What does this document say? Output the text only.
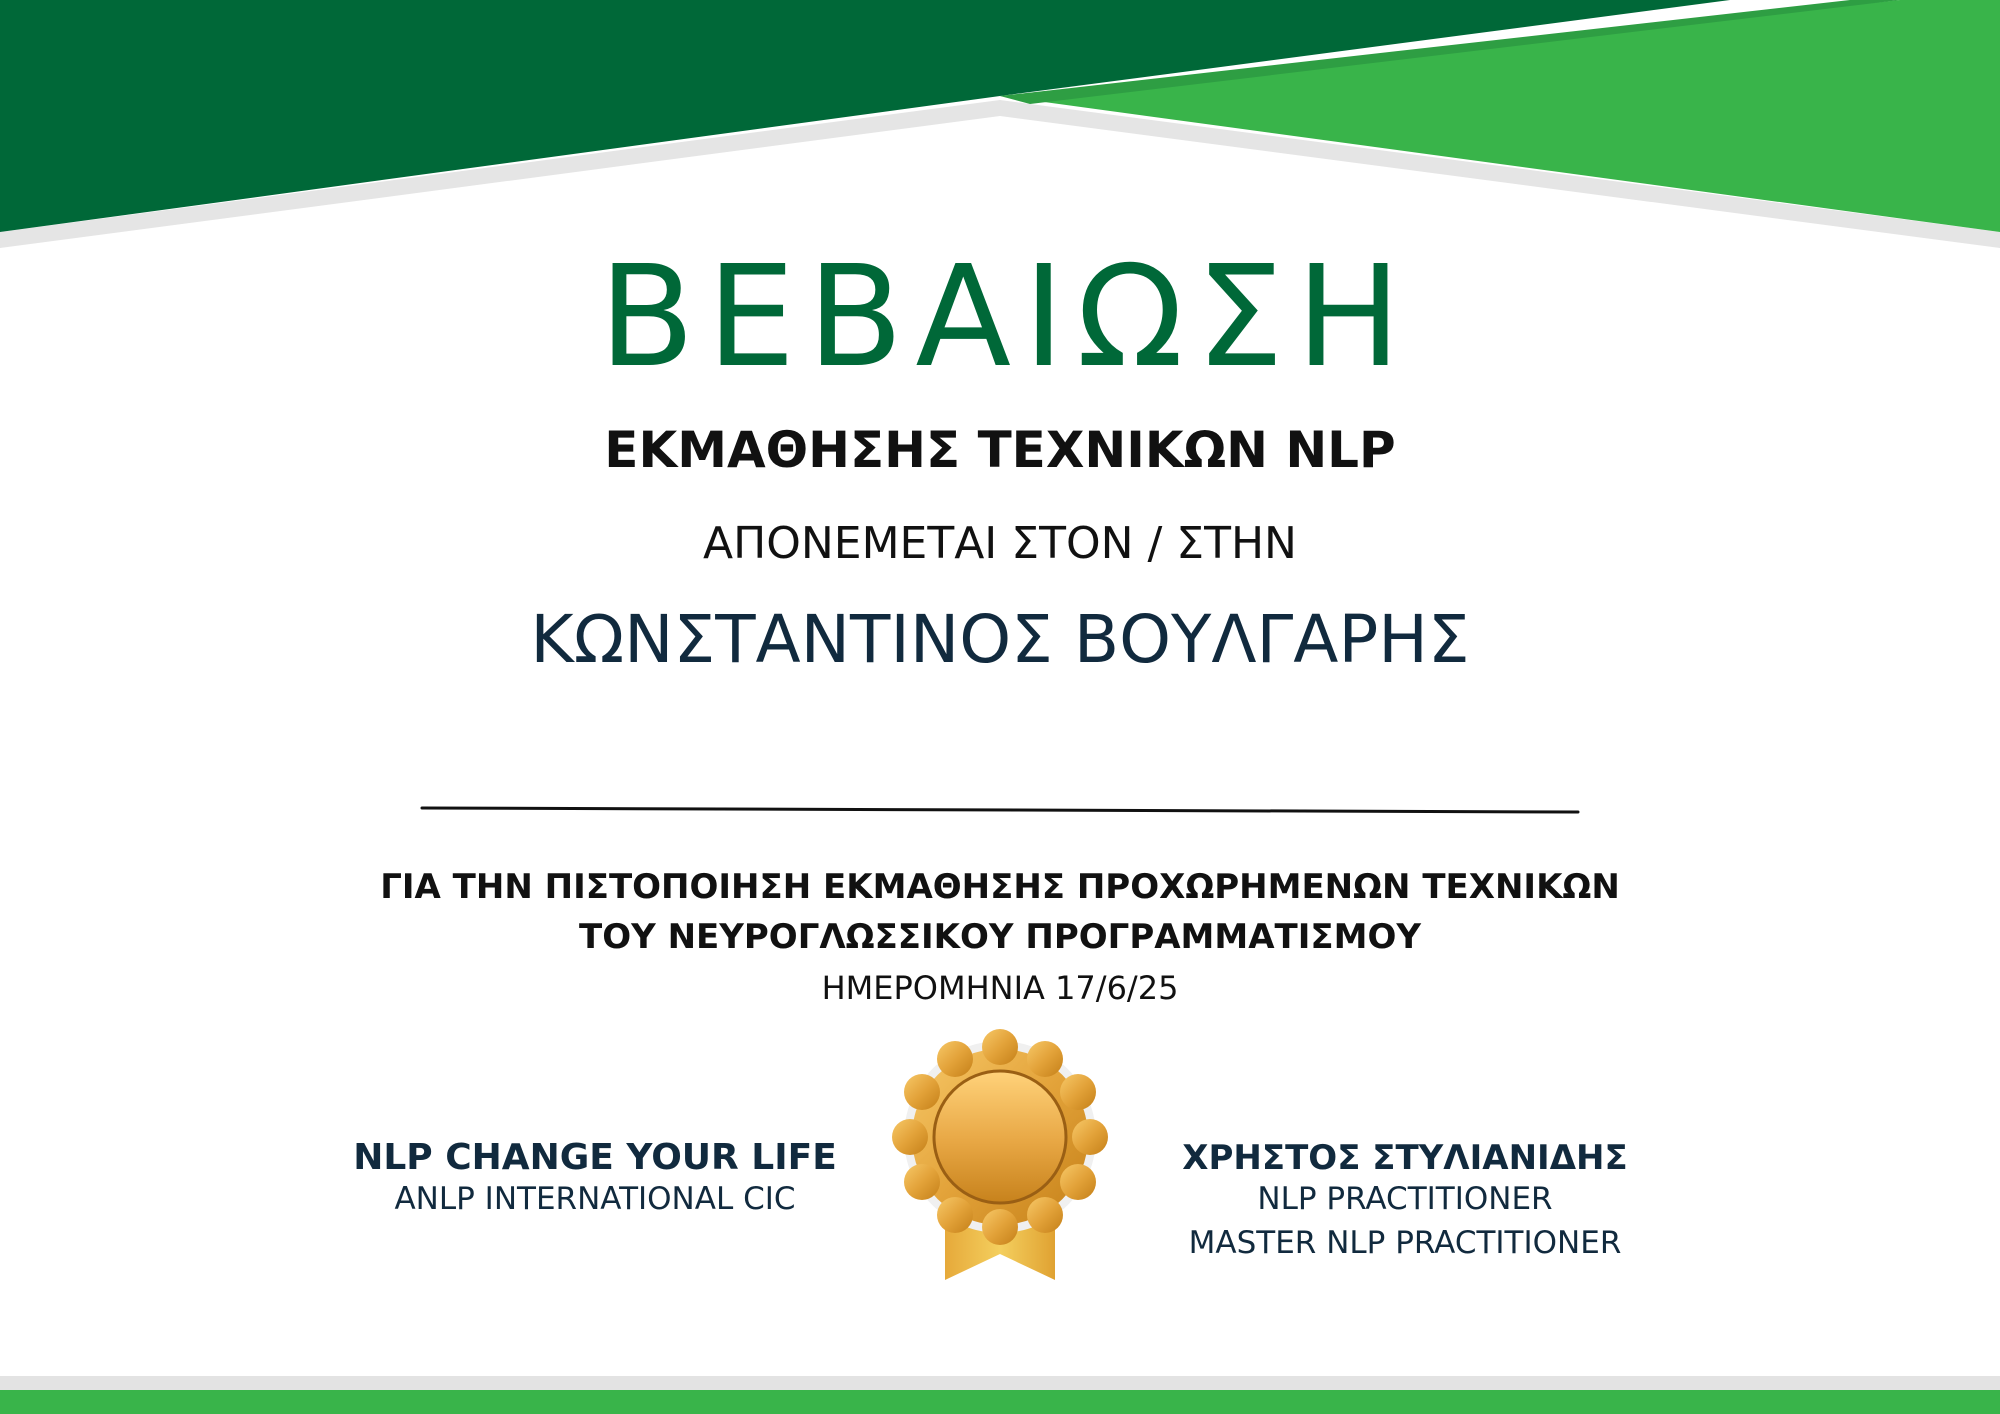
ΒΕΒΑΙΩΣΗ
ΕΚΜΑΘΗΣΗΣ ΤΕΧΝΙΚΩΝ NLP
ΑΠΟΝΕΜΕΤΑΙ ΣΤΟΝ / ΣΤΗΝ
ΚΩΝΣΤΑΝΤΙΝΟΣ ΒΟΥΛΓΑΡΗΣ
ΓΙΑ ΤΗΝ ΠΙΣΤΟΠΟΙΗΣΗ ΕΚΜΑΘΗΣΗΣ ΠΡΟΧΩΡΗΜΕΝΩΝ ΤΕΧΝΙΚΩΝ
ΤΟΥ ΝΕΥΡΟΓΛΩΣΣΙΚΟΥ ΠΡΟΓΡΑΜΜΑΤΙΣΜΟΥ
ΗΜΕΡΟΜΗΝΙΑ 17/6/25
NLP CHANGE YOUR LIFE
ANLP INTERNATIONAL CIC
ΧΡΗΣΤΟΣ ΣΤΥΛΙΑΝΙΔΗΣ
NLP PRACTITIONER
MASTER NLP PRACTITIONER
